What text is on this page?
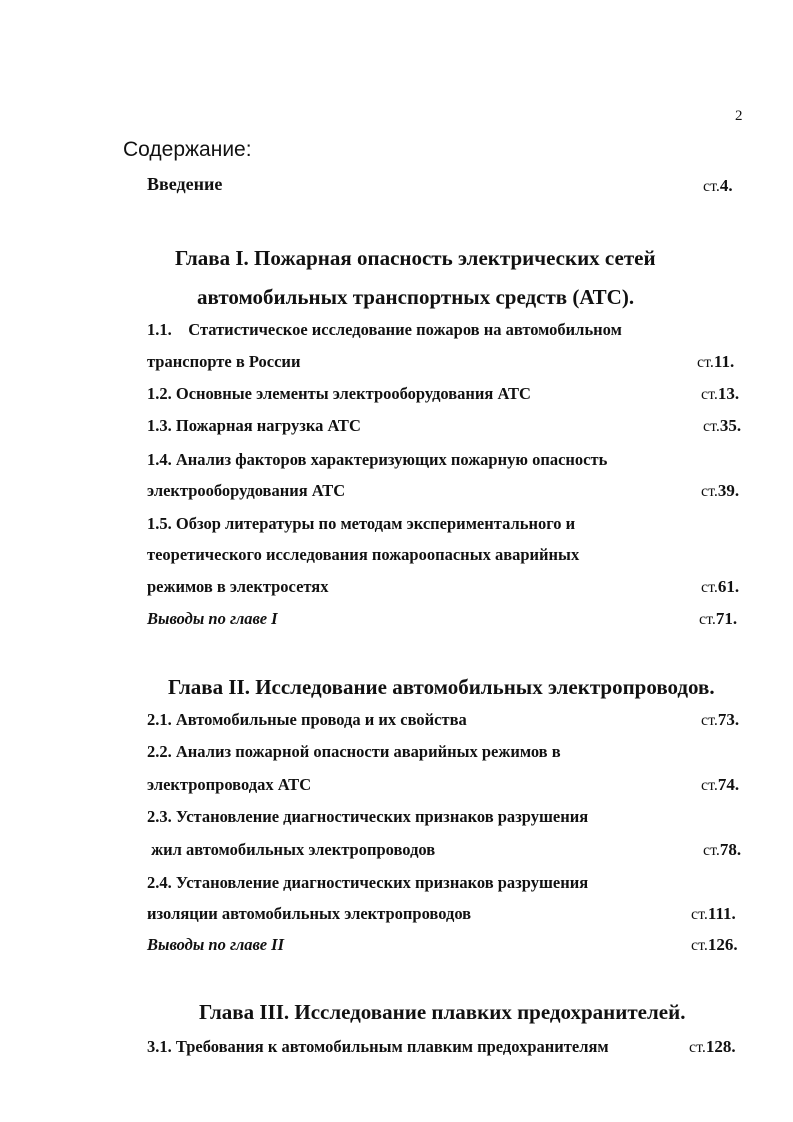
2
Содержание:
Введение	ст.4.
Глава I. Пожарная опасность электрических сетей
автомобильных транспортных средств (АТС).
1.1.    Статистическое исследование пожаров на автомобильном
транспорте в России	ст.11.
1.2. Основные элементы электрооборудования АТС	ст.13.
1.3. Пожарная нагрузка АТС	ст.35.
1.4. Анализ факторов характеризующих пожарную опасность
электрооборудования АТС	ст.39.
1.5. Обзор литературы по методам экспериментального и
теоретического исследования пожароопасных аварийных
режимов в электросетях	ст.61.
Выводы по главе I	ст.71.
Глава II. Исследование автомобильных электропроводов.
2.1. Автомобильные провода и их свойства	ст.73.
2.2. Анализ пожарной опасности аварийных режимов в
электропроводах АТС	ст.74.
2.3. Установление диагностических признаков разрушения
жил автомобильных электропроводов	ст.78.
2.4. Установление диагностических признаков разрушения
изоляции автомобильных электропроводов	ст.111.
Выводы по главе II	ст.126.
Глава III. Исследование плавких предохранителей.
3.1. Требования к автомобильным плавким предохранителям	ст.128.
